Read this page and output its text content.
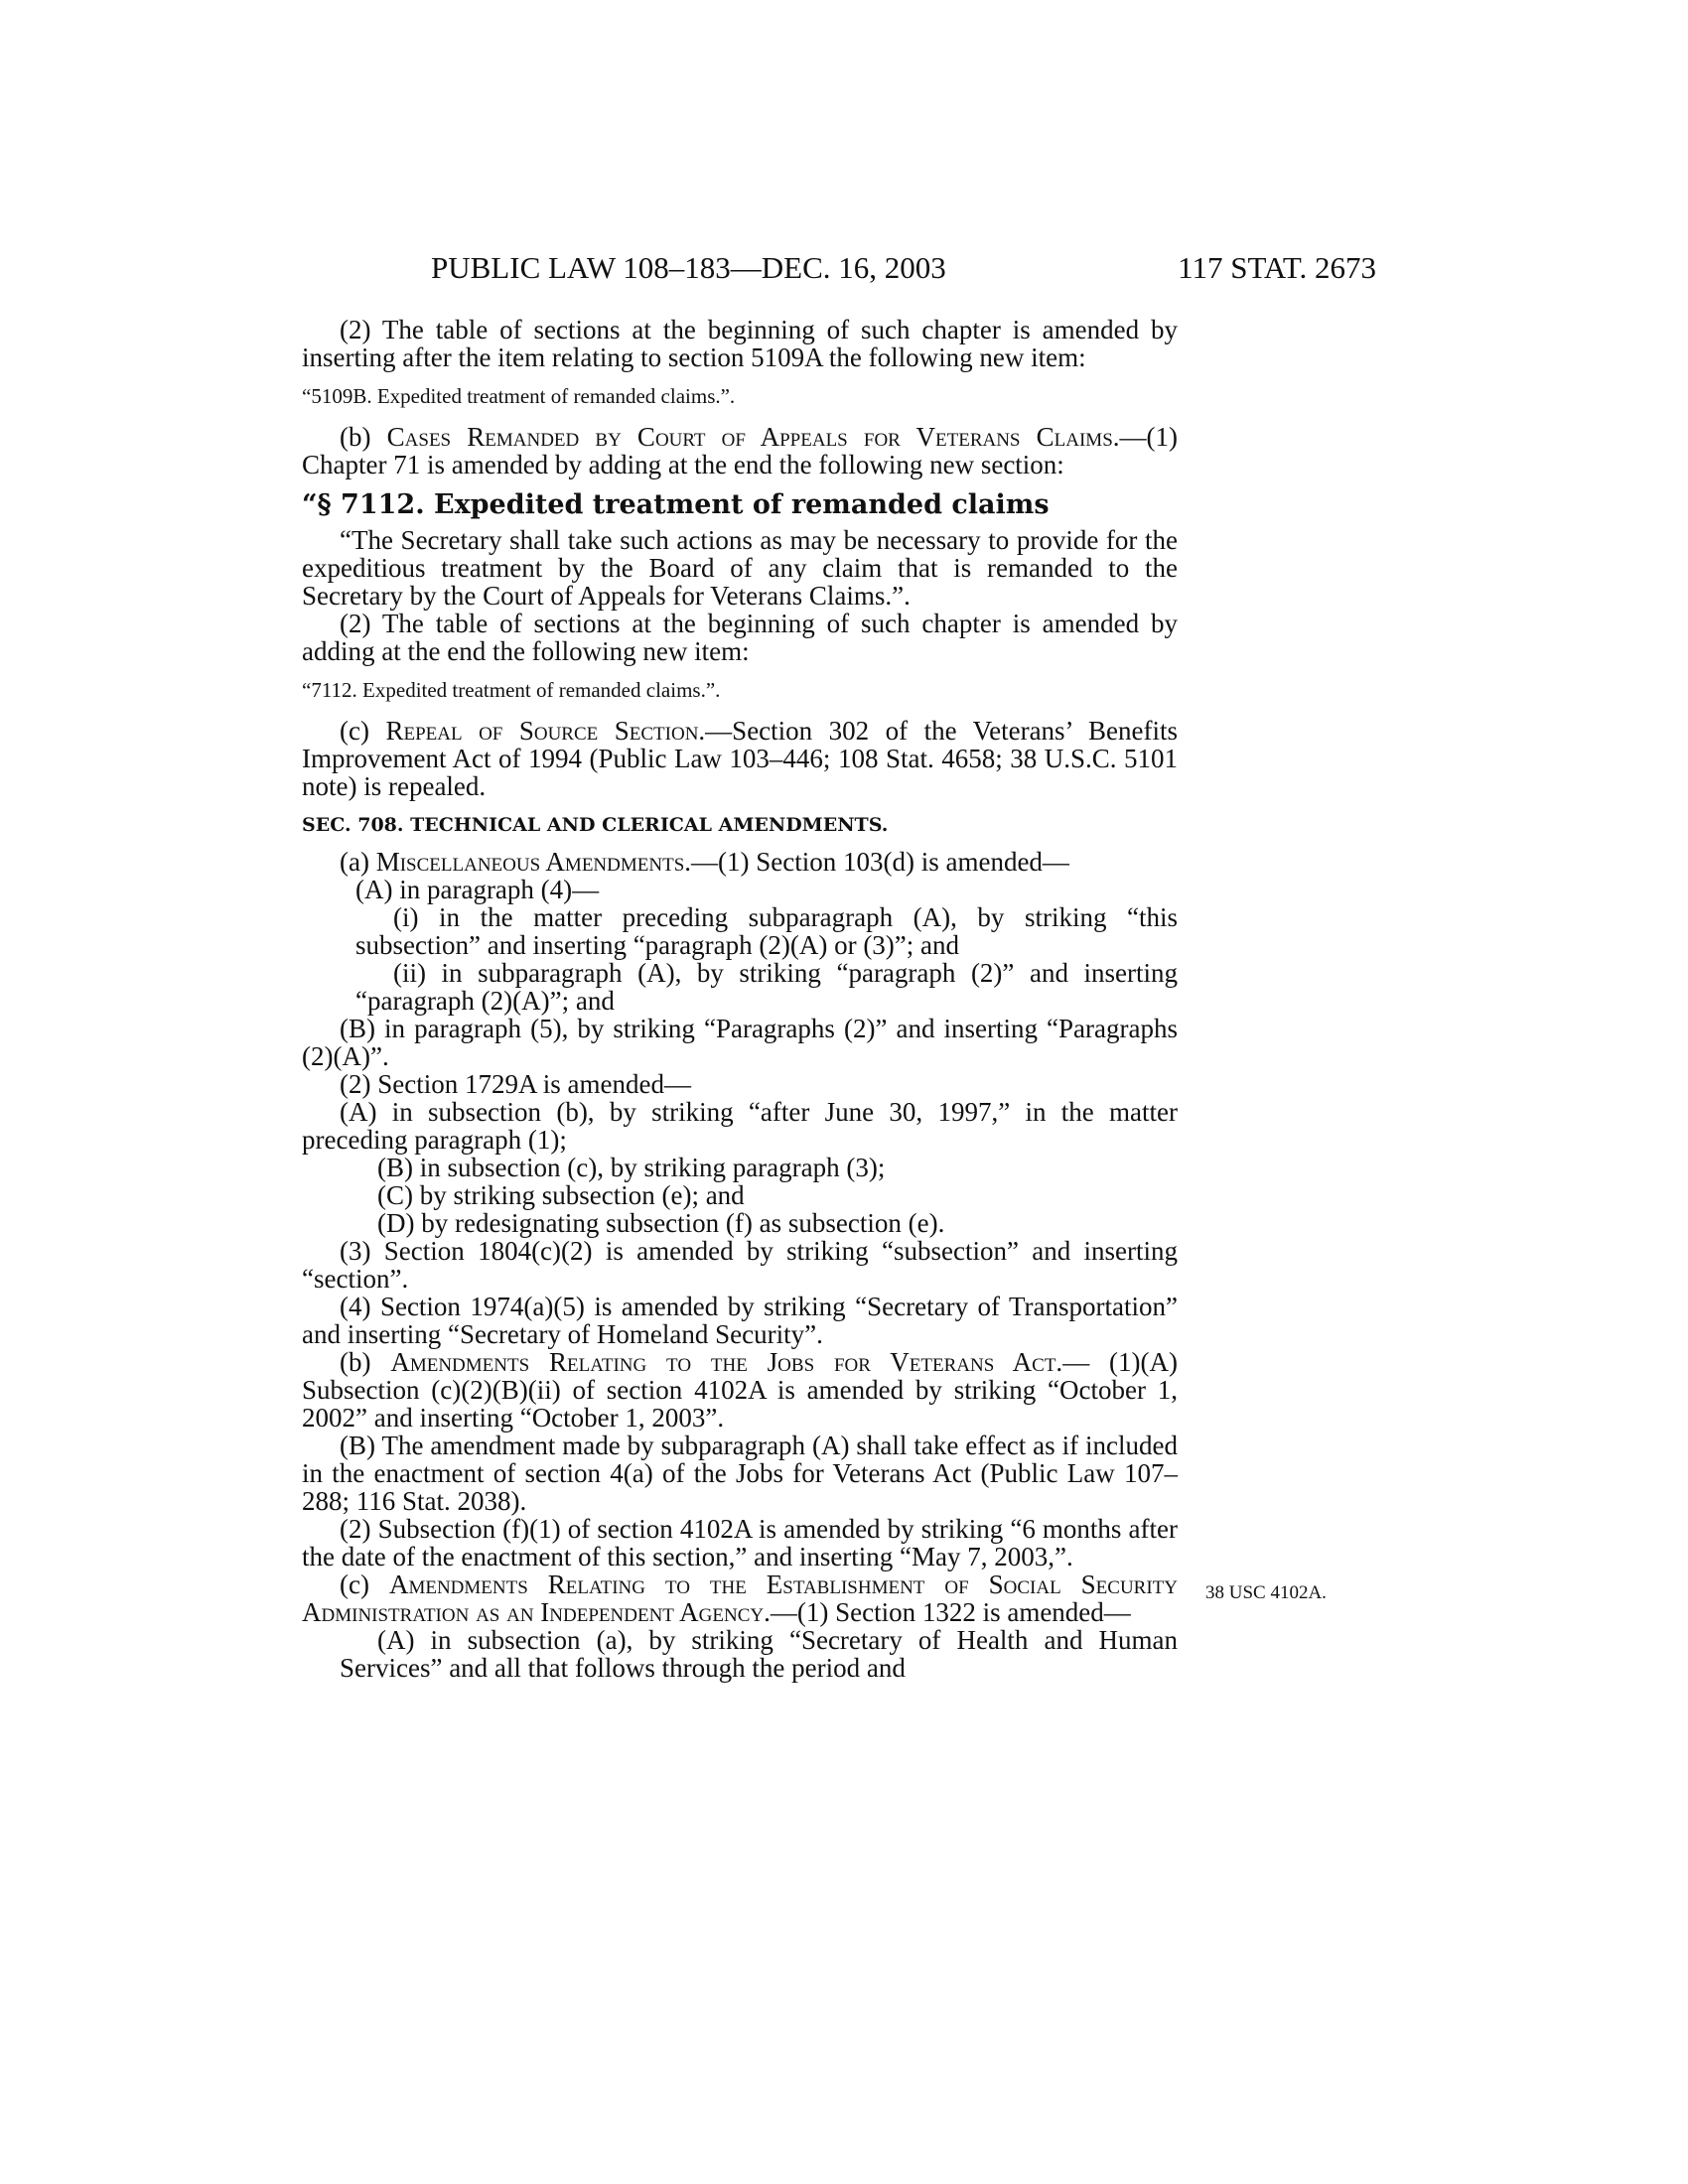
PUBLIC LAW 108–183—DEC. 16, 2003	117 STAT. 2673

(2) The table of sections at the beginning of such chapter is amended by inserting after the item relating to section 5109A the following new item:

“5109B. Expedited treatment of remanded claims.”.

(b) Cases Remanded by Court of Appeals for Veterans Claims.—(1) Chapter 71 is amended by adding at the end the following new section:

“§ 7112. Expedited treatment of remanded claims

“The Secretary shall take such actions as may be necessary to provide for the expeditious treatment by the Board of any claim that is remanded to the Secretary by the Court of Appeals for Veterans Claims.”.

(2) The table of sections at the beginning of such chapter is amended by adding at the end the following new item:

“7112. Expedited treatment of remanded claims.”.

(c) Repeal of Source Section.—Section 302 of the Veterans’ Benefits Improvement Act of 1994 (Public Law 103–446; 108 Stat. 4658; 38 U.S.C. 5101 note) is repealed.

SEC. 708. TECHNICAL AND CLERICAL AMENDMENTS.

(a) Miscellaneous Amendments.—(1) Section 103(d) is amended—

(A) in paragraph (4)—

(i) in the matter preceding subparagraph (A), by striking “this subsection” and inserting “paragraph (2)(A) or (3)”; and

(ii) in subparagraph (A), by striking “paragraph (2)” and inserting “paragraph (2)(A)”; and

(B) in paragraph (5), by striking “Paragraphs (2)” and inserting “Paragraphs (2)(A)”.

(2) Section 1729A is amended—

(A) in subsection (b), by striking “after June 30, 1997,” in the matter preceding paragraph (1);

(B) in subsection (c), by striking paragraph (3);

(C) by striking subsection (e); and

(D) by redesignating subsection (f) as subsection (e).

(3) Section 1804(c)(2) is amended by striking “subsection” and inserting “section”.

(4) Section 1974(a)(5) is amended by striking “Secretary of Transportation” and inserting “Secretary of Homeland Security”.

(b) Amendments Relating to the Jobs for Veterans Act.— (1)(A) Subsection (c)(2)(B)(ii) of section 4102A is amended by striking “October 1, 2002” and inserting “October 1, 2003”.

(B) The amendment made by subparagraph (A) shall take effect as if included in the enactment of section 4(a) of the Jobs for Veterans Act (Public Law 107–288; 116 Stat. 2038).

(2) Subsection (f)(1) of section 4102A is amended by striking “6 months after the date of the enactment of this section,” and inserting “May 7, 2003,”.

(c) Amendments Relating to the Establishment of Social Security Administration as an Independent Agency.—(1) Section 1322 is amended—

(A) in subsection (a), by striking “Secretary of Health and Human Services” and all that follows through the period and

38 USC 4102A.
